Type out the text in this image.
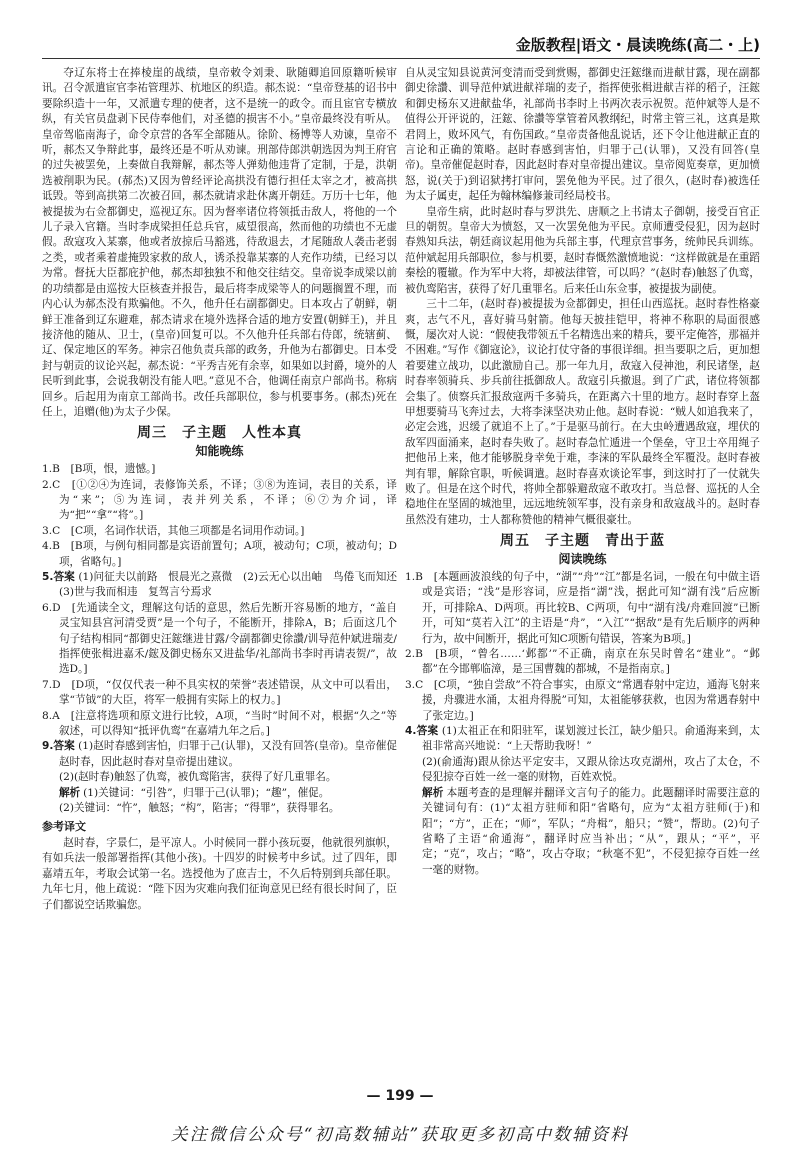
金版教程|语文・晨读晚练(高二・上)

夺辽东将士在捧棱崖的战绩，皇帝敕令刘秉、耿随卿追回原籍听候审讯。召令派遣宦官李祐管理苏、杭地区的织造。郝杰说：“皇帝登基的诏书中要除织造十一年，又派遣专理的使者，这不是统一的政令。而且宦官专横放纵，有关官员盘剥下民侍奉他们，对圣德的损害不小。”皇帝最终没有听从。皇帝驾临南海子，命令京营的各军全部随从。徐阶、杨博等人劝谏，皇帝不听，郝杰又争辩此事，最终还是不听从劝谏。刑部侍郎洪朝选因为判王府官的过失被罢免，上奏做自我辩解，郝杰等人弹劾他违背了定制，于是，洪朝选被削职为民。(郝杰)又因为曾经评论高拱没有德行担任太宰之才，被高拱诋毁。等到高拱第二次被召回，郝杰就请求赴休离开朝廷。万历十七年，他被提拔为右佥都御史，巡视辽东。因为督率诸位将领抵击敌人，将他的一个儿子录入官籍。当时李成梁担任总兵官，威望很高，然而他的功绩也不无虚假。敌寇攻入某寨，他或者放掠后马豁逃，待敌退去，才尾随敌人袭击老弱之类，或者乘着虚掩毁家救的敌人，诱杀投靠某寨的人充作功绩，已经习以为常。督抚大臣都庇护他，郝杰却独独不和他交往结交。皇帝说李成梁以前的功绩都是由巡按大臣核查并报告，最后将李成梁等人的问题搁置不理，而内心认为郝杰没有欺骗他。不久，他升任右副都御史。日本攻占了朝鲜，朝鲜王准备到辽东避难，郝杰请求在境外选择合适的地方安置(朝鲜王)，并且接济他的随从、卫士，(皇帝)回复可以。不久他升任兵部右侍郎，统辖蓟、辽、保定地区的军务。神宗召他负责兵部的政务，升他为右都御史。日本受封与朝贡的议论兴起，郝杰说：“平秀吉死有余辜，如果如以封爵，境外的人民听到此事，会说我朝没有能人吧。”意见不合，他调任南京户部尚书。称病回乡。后起用为南京工部尚书。改任兵部职位，参与机要事务。(郝杰)死在任上，追赠(他)为太子少保。

周三　子主题　人性本真
知能晚练
1.B　[B项，恨，遗憾。]
2.C　[①②④为连词，表修饰关系，不译；③⑧为连词，表目的关系，译为“来”；⑤为连词，表并列关系，不译；⑥⑦为介词，译为“把”“拿”“将”。]
3.C　[C项，名词作状语，其他三项都是名词用作动词。]
4.B　[B项，与例句相同都是宾语前置句；A项，被动句；C项，被动句；D项，省略句。]
5.答案 (1)问征夫以前路　恨晨光之熹微　(2)云无心以出岫　鸟倦飞而知还　(3)世与我而相违　复驾言兮焉求
6.D　[先通读全文，理解这句话的意思，然后先断开容易断的地方，“盖自灵宝知县宫河清受贾”是一个句子，不能断开，排除A，B；后面这几个句子结构相同“都御史汪鋐继进甘露/令副都御史徐讚/训导范仲斌进瑞麦/指挥使张楫进嘉禾/鋐及御史杨东又进盐华/礼部尚书李时再请表贺/”，故选D。]
7.D　[D项，“仅仅代表一种不具实权的荣誉”表述错误，从文中可以看出，掌“节钺”的大臣，将军一般拥有实际上的权力。]
8.A　[注意将选项和原文进行比较，A项，“当时”时间不对，根据“久之”等叙述，可以得知“抵评仇鸾”在嘉靖九年之后。]
9.答案 (1)赵时春感到害怕，归罪于己(认罪)，又没有回答(皇帝)。皇帝催促赵时春，因此赵时春对皇帝提出建议。
(2)(赵时春)触怒了仇鸾，被仇鸾陷害，获得了好几重罪名。
解析 (1)关键词：“引咎”，归罪于己(认罪)；“趣”，催促。
(2)关键词：“忤”，触怒；“构”，陷害；“得罪”，获得罪名。
参考译文

赵时春，字景仁，是平凉人。小时候同一群小孩玩耍，他就很列旗帜，有如兵法一般部署指挥(其他小孩)。十四岁的时候考中乡试。过了四年，即嘉靖五年，考取会试第一名。选授他为了庶吉士，不久后特别到兵部任职。九年七月，他上疏说：“陛下因为灾难向我们征询意见已经有很长时间了，臣子们都说空话欺骗您。

自从灵宝知县说黄河变清而受到赏赐，都御史汪鋐继而进献甘露，现在副都御史徐讚、训导范仲斌进献祥瑞的麦子，指挥使张楫进献吉祥的稻子，汪鋐和御史杨东又进献盐华，礼部尚书李时上书两次表示祝贺。范仲斌等人是不值得公开评说的，汪鋐、徐讚等掌管着风教纲纪，时常主管三礼，这真是欺君罔上，败坏风气，有伤国政。”皇帝责备他乱说话，还下令让他进献正直的言论和正确的策略。赵时春感到害怕，归罪于己(认罪)，又没有回答(皇帝)。皇帝催促赵时春，因此赵时春对皇帝提出建议。皇帝阅览奏章，更加愤怒，说(关于)到诏狱拷打审问，罢免他为平民。过了很久，(赵时春)被选任为太子属吏，起任为翰林编修兼司经局校书。

皇帝生病，此时赵时春与罗洪先、唐顺之上书请太子御朝，接受百官正旦的朝贺。皇帝大为愤怒，又一次罢免他为平民。京师遭受侵犯，因为赵时春熟知兵法，朝廷商议起用他为兵部主事，代理京营事务，统帅民兵训练。范仲斌起用兵部职位，参与机要，赵时春慨然激愤地说：“这样做就是在重蹈秦桧的覆辙。作为军中大将，却被法律管，可以吗？”(赵时春)触怒了仇鸾，被仇鸾陷害，获得了好几重罪名。后来任山东佥事，被提拔为副使。

三十二年，(赵时春)被提拔为佥都御史，担任山西巡抚。赵时春性格豪爽，志气不凡，喜好骑马射箭。他每天披挂铠甲，将神不称职的局面很感慨，屡次对人说：“假使我带领五千名精选出来的精兵，要平定俺答，那福并不困难。”写作《御寇论》，议论打仗守备的事很详细。担当要职之后，更加想着要建立战功，以此激励自己。那一年九月，敌寇入侵神池，利民诸堡，赵时春率领骑兵、步兵前往抵御敌人。敌寇引兵撤退。到了广武，诸位将领都会集了。侦察兵汇报敌寇两千多骑兵，在距离六十里的地方。赵时春穿上盔甲想要骑马飞奔过去，大将李涞坚决劝止他。赵时春说：“贼人如追我来了，必定会逃，迟缓了就追不上了。”于是驱马前行。在大虫岭遭遇敌寇，埋伏的敌军四面涌来，赵时春失败了。赵时春急忙遁进一个堡垒，守卫士卒用绳子把他吊上来，他才能够脱身幸免于难，李涞的军队最终全军覆没。赵时春被判有罪，解除官职，听候调遣。赵时春喜欢谈论军事，到这时打了一仗就失败了。但是在这个时代，将帅全都躲避敌寇不敢攻打。当总督、巡抚的人全稳地住在坚固的城池里，远远地统领军事，没有亲身和敌寇战斗的。赵时春虽然没有建功，士人都称赞他的精神气概很豪壮。

周五　子主题　青出于蓝
阅读晚练
1.B　[本题画波浪线的句子中，“湖”“舟”“江”都是名词，一般在句中做主语或是宾语；“浅”是形容词，应是指“湖”浅，据此可知“湖有浅”后应断开，可排除A、D两项。再比较B、C两项，句中“湖有浅/舟难回渡”已断开，可知“莫若入江”的主语是“舟”，“入江”“据敌”是有先后顺序的两种行为，故中间断开，据此可知C项断句错误，答案为B项。]
2.B　[B项，“曾名……‘邺都’”不正确，南京在东吴时曾名“建业”。“邺都”在今邯郸临漳，是三国曹魏的都城，不是指南京。]
3.C　[C项，“独自尝敌”不符合事实，由原文“常遇春射中定边，通海飞射来援，舟骤进水涌，太祖舟得脱”可知，太祖能够获救，也因为常遇春射中了张定边。]
4.答案 (1)太祖正在和阳驻军，谋划渡过长江，缺少船只。俞通海来到，太祖非常高兴地说：“上天帮助我呀！”
(2)(俞通海)跟从徐达平定安丰，又跟从徐达攻克湖州，攻占了太仓，不侵犯掠夺百姓一丝一毫的财物，百姓欢悦。
解析 本题考查的是理解并翻译文言句子的能力。此题翻译时需要注意的关键词句有：(1)“太祖方驻师和阳”省略句，应为“太祖方驻师(于)和阳”；“方”，正在；“师”，军队；“舟楫”，船只；“赞”，帮助。(2)句子省略了主语“俞通海”，翻译时应当补出；“从”，跟从；“平”，平定；“克”，攻占；“略”，攻占夺取；“秋毫不犯”，不侵犯掠夺百姓一丝一毫的财物。
— 199 —
关注微信公众号“初高数辅站”获取更多初高中数辅资料
